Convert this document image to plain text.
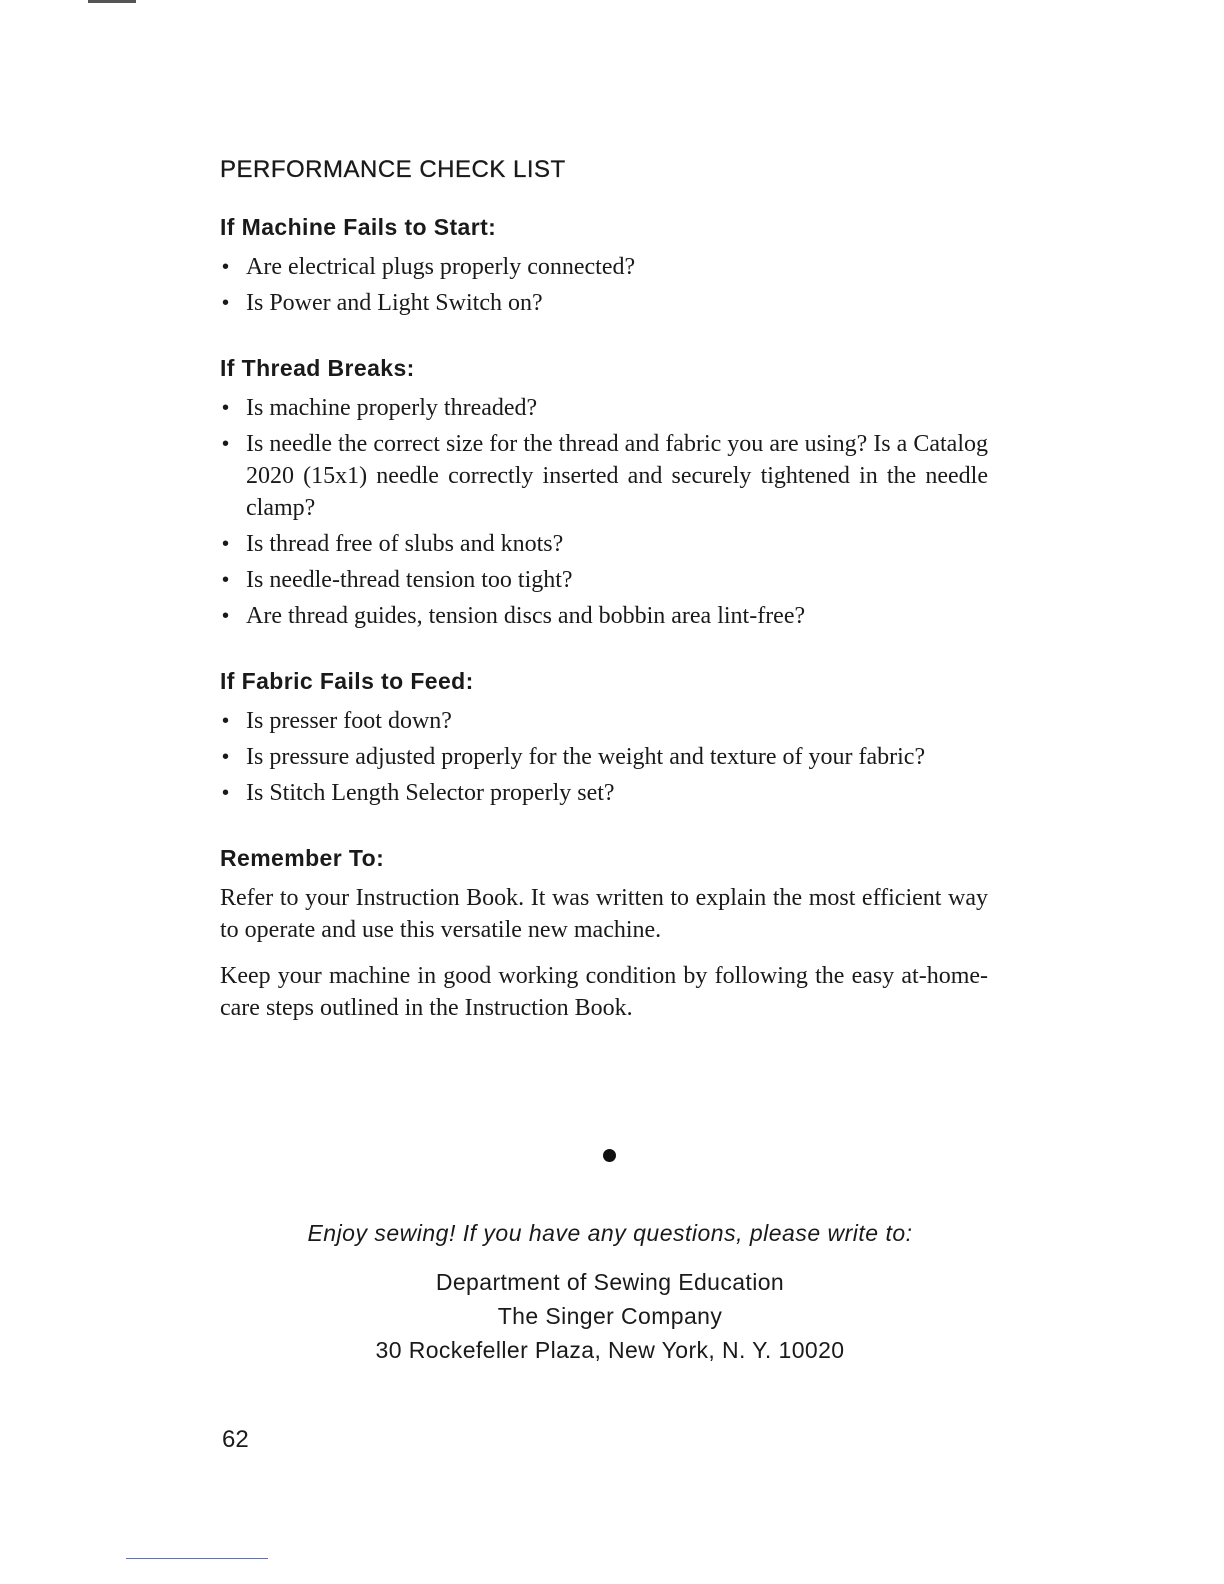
PERFORMANCE CHECK LIST
If Machine Fails to Start:
• Are electrical plugs properly connected?
• Is Power and Light Switch on?
If Thread Breaks:
• Is machine properly threaded?
• Is needle the correct size for the thread and fabric you are using? Is a Catalog 2020 (15x1) needle correctly inserted and securely tightened in the needle clamp?
• Is thread free of slubs and knots?
• Is needle-thread tension too tight?
• Are thread guides, tension discs and bobbin area lint-free?
If Fabric Fails to Feed:
• Is presser foot down?
• Is pressure adjusted properly for the weight and texture of your fabric?
• Is Stitch Length Selector properly set?
Remember To:

Refer to your Instruction Book. It was written to explain the most efficient way to operate and use this versatile new machine.

Keep your machine in good working condition by following the easy at-home-care steps outlined in the Instruction Book.

Enjoy sewing! If you have any questions, please write to:
Department of Sewing Education
The Singer Company
30 Rockefeller Plaza, New York, N. Y. 10020
62
